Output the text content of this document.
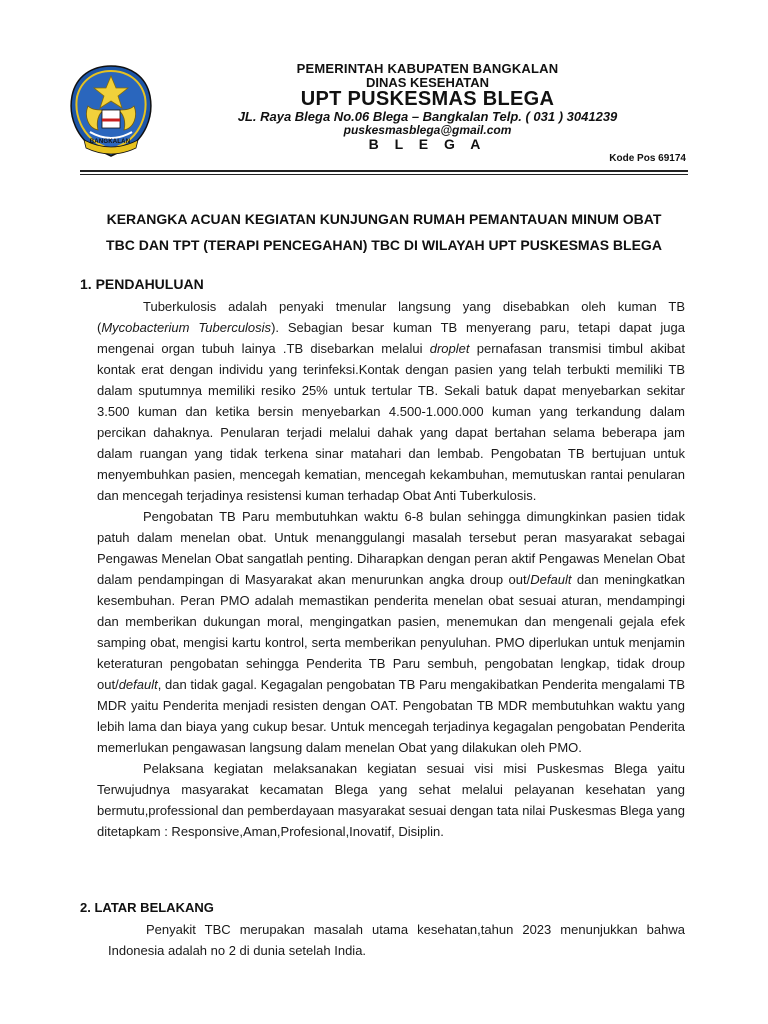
BANGKALAN
PEMERINTAH KABUPATEN BANGKALAN
DINAS KESEHATAN
UPT PUSKESMAS BLEGA
JL. Raya Blega No.06 Blega – Bangkalan Telp. ( 031 ) 3041239
puskesmasblega@gmail.com
B L E G A
Kode Pos 69174
KERANGKA ACUAN KEGIATAN KUNJUNGAN RUMAH PEMANTAUAN MINUM OBAT
TBC DAN TPT (TERAPI PENCEGAHAN) TBC DI WILAYAH UPT PUSKESMAS BLEGA
1. PENDAHULUAN

Tuberkulosis adalah penyaki tmenular langsung yang disebabkan oleh kuman TB (Mycobacterium Tuberculosis). Sebagian besar kuman TB menyerang paru, tetapi dapat juga mengenai organ tubuh lainya .TB disebarkan melalui droplet pernafasan transmisi timbul akibat kontak erat dengan individu yang terinfeksi.Kontak dengan pasien yang telah terbukti memiliki TB dalam sputumnya memiliki resiko 25% untuk tertular TB. Sekali batuk dapat menyebarkan sekitar 3.500 kuman dan ketika bersin menyebarkan 4.500-1.000.000 kuman yang terkandung dalam percikan dahaknya. Penularan terjadi melalui dahak yang dapat bertahan selama beberapa jam dalam ruangan yang tidak terkena sinar matahari dan lembab. Pengobatan TB bertujuan untuk menyembuhkan pasien, mencegah kematian, mencegah kekambuhan, memutuskan rantai penularan dan mencegah terjadinya resistensi kuman terhadap Obat Anti Tuberkulosis.

Pengobatan TB Paru membutuhkan waktu 6-8 bulan sehingga dimungkinkan pasien tidak patuh dalam menelan obat. Untuk menanggulangi masalah tersebut peran masyarakat sebagai Pengawas Menelan Obat sangatlah penting. Diharapkan dengan peran aktif Pengawas Menelan Obat dalam pendampingan di Masyarakat akan menurunkan angka droup out/Default dan meningkatkan kesembuhan. Peran PMO adalah memastikan penderita menelan obat sesuai aturan, mendampingi dan memberikan dukungan moral, mengingatkan pasien, menemukan dan mengenali gejala efek samping obat, mengisi kartu kontrol, serta memberikan penyuluhan. PMO diperlukan untuk menjamin keteraturan pengobatan sehingga Penderita TB Paru sembuh, pengobatan lengkap, tidak droup out/default, dan tidak gagal. Kegagalan pengobatan TB Paru mengakibatkan Penderita mengalami TB MDR yaitu Penderita menjadi resisten dengan OAT. Pengobatan TB MDR membutuhkan waktu yang lebih lama dan biaya yang cukup besar. Untuk mencegah terjadinya kegagalan pengobatan Penderita memerlukan pengawasan langsung dalam menelan Obat yang dilakukan oleh PMO.

Pelaksana kegiatan melaksanakan kegiatan sesuai visi misi Puskesmas Blega yaitu Terwujudnya masyarakat kecamatan Blega yang sehat melalui pelayanan kesehatan yang bermutu,professional dan pemberdayaan masyarakat sesuai dengan tata nilai Puskesmas Blega yang ditetapkam : Responsive,Aman,Profesional,Inovatif, Disiplin.

2. LATAR BELAKANG

Penyakit TBC merupakan masalah utama kesehatan,tahun 2023 menunjukkan bahwa Indonesia adalah no 2 di dunia setelah India.
